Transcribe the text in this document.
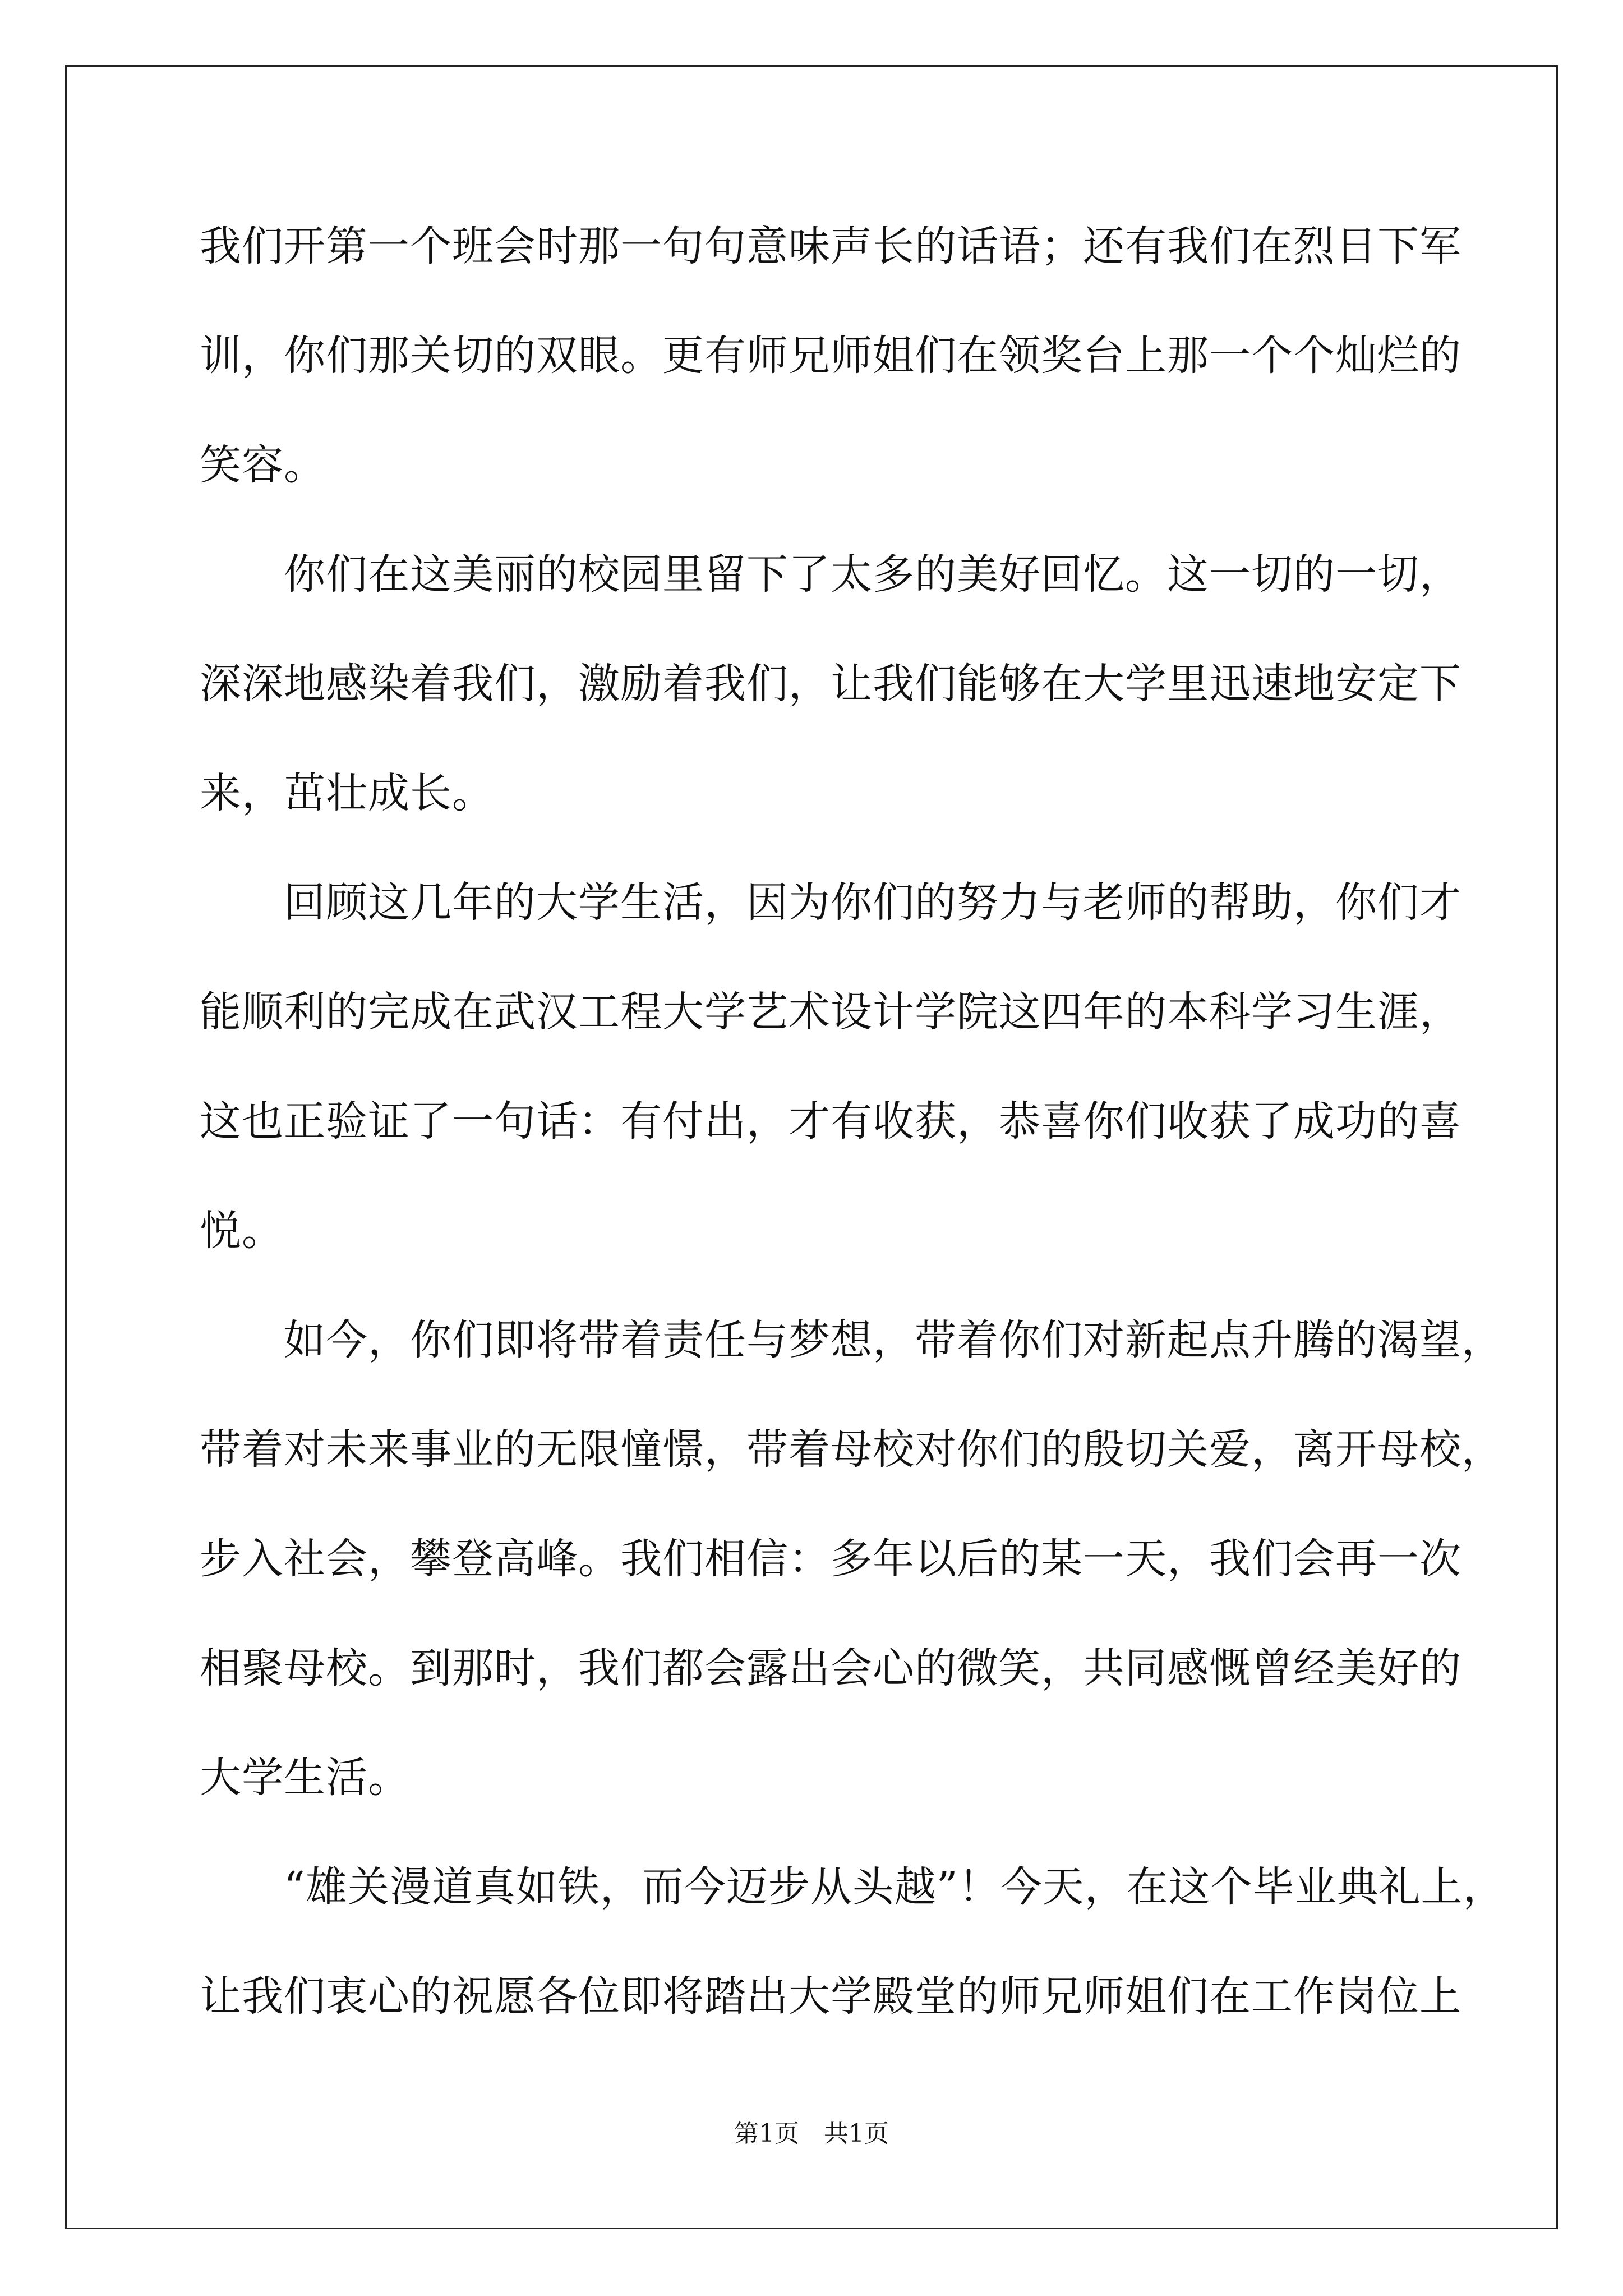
我们开第一个班会时那一句句意味声长的话语；还有我们在烈日下军
训，你们那关切的双眼。更有师兄师姐们在领奖台上那一个个灿烂的
笑容。
　　你们在这美丽的校园里留下了太多的美好回忆。这一切的一切，
深深地感染着我们，激励着我们，让我们能够在大学里迅速地安定下
来，茁壮成长。
　　回顾这几年的大学生活，因为你们的努力与老师的帮助，你们才
能顺利的完成在武汉工程大学艺术设计学院这四年的本科学习生涯，
这也正验证了一句话：有付出，才有收获，恭喜你们收获了成功的喜
悦。
　　如今，你们即将带着责任与梦想，带着你们对新起点升腾的渴望，
带着对未来事业的无限憧憬，带着母校对你们的殷切关爱，离开母校，
步入社会，攀登高峰。我们相信：多年以后的某一天，我们会再一次
相聚母校。到那时，我们都会露出会心的微笑，共同感慨曾经美好的
大学生活。
　　“雄关漫道真如铁，而今迈步从头越”！今天，在这个毕业典礼上，
让我们衷心的祝愿各位即将踏出大学殿堂的师兄师姐们在工作岗位上
第1页　共1页
